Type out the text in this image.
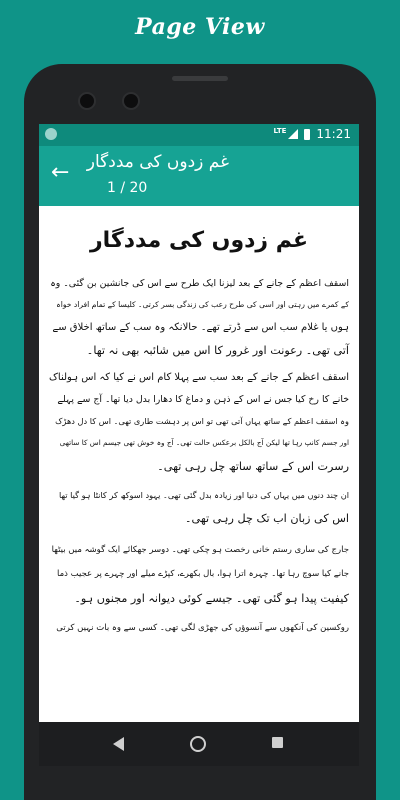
Page View
LTE	11:21
← غم زدوں کی مددگار
1 / 20
غم زدوں کی مددگار
اسقف اعظم کے جانے کے بعد لیزنا ایک طرح سے اس کی جانشین بن گئی۔ وہ
کے کمرے میں رہتی اور اسی کی طرح رعب کی زندگی بسر کرتی۔ کلیسا کے تمام افراد خواہ
ہوں یا غلام سب اس سے ڈرتے تھے۔ حالانکہ وہ سب کے ساتھ اخلاق سے
آتی تھی۔ رعونت اور غرور کا اس میں شائبہ بھی نہ تھا۔
اسقف اعظم کے جانے کے بعد سب سے پہلا کام اس نے کیا کہ اس ہولناک
خانے کا رخ کیا جس نے اس کے ذہن و دماغ کا دھارا بدل دیا تھا۔ آج سے پہلے
وہ اسقف اعظم کے ساتھ یہاں آتی تھی تو اس پر دہشت طاری تھی۔ اس کا دل دھڑک
اور جسم کانپ رہا تھا لیکن آج بالکل برعکس حالت تھی۔ آج وہ خوش تھی جیسم اس کا ساتھی
رسرت اس کے ساتھ ساتھ چل رہی تھی۔
ان چند دنوں میں یہاں کی دنیا اور زیادہ بدل گئی تھی۔ یہود اسوکھ کر کانٹا ہو گیا تھا
اس کی زبان اب تک چل رہی تھی۔
جارج کی ساری رستم خانی رخصت ہو چکی تھی۔ دوسر جھکائے ایک گوشہ میں بیٹھا
جانے کیا سوچ رہا تھا۔ چہرہ اترا ہوا، بال بکھرے، کپڑے میلے اور چہرے پر عجیب ذما
کیفیت پیدا ہو گئی تھی۔ جیسے کوئی دیوانہ اور مجنوں ہو۔
روکسین کی آنکھوں سے آنسوؤں کی جھڑی لگی تھی۔ کسی سے وہ بات نہیں کرتی
